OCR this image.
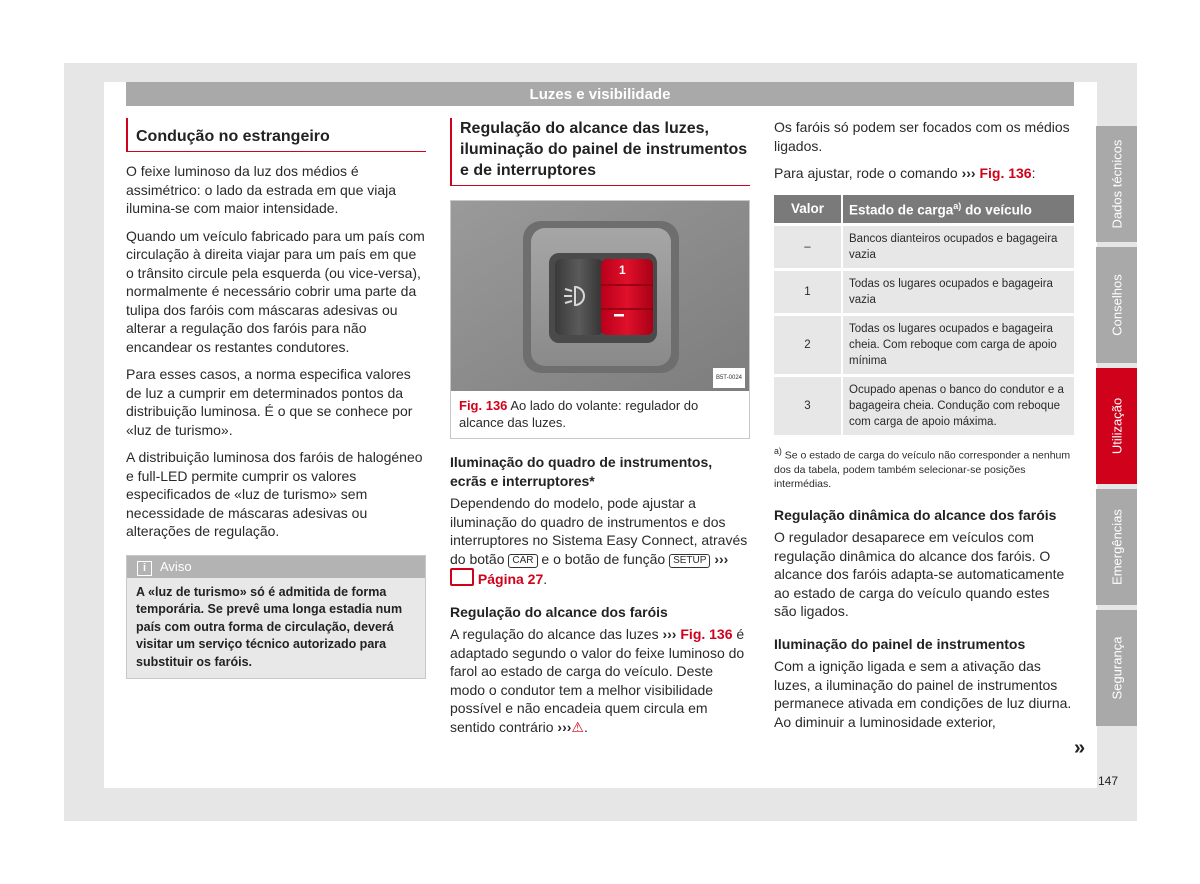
Luzes e visibilidade
Condução no estrangeiro

O feixe luminoso da luz dos médios é assimétrico: o lado da estrada em que viaja ilumina-se com maior intensidade.

Quando um veículo fabricado para um país com circulação à direita viajar para um país em que o trânsito circule pela esquerda (ou vice-versa), normalmente é necessário cobrir uma parte da tulipa dos faróis com máscaras adesivas ou alterar a regulação dos faróis para não encandear os restantes condutores.

Para esses casos, a norma especifica valores de luz a cumprir em determinados pontos da distribuição luminosa. É o que se conhece por «luz de turismo».

A distribuição luminosa dos faróis de halogéneo e full-LED permite cumprir os valores especificados de «luz de turismo» sem necessidade de máscaras adesivas ou alterações de regulação.

i Aviso
A «luz de turismo» só é admitida de forma temporária. Se prevê uma longa estadia num país com outra forma de circulação, deverá visitar um serviço técnico autorizado para substituir os faróis.
Regulação do alcance das luzes, iluminação do painel de instrumentos e de interruptores
1
B5T-0024
Fig. 136 Ao lado do volante: regulador do alcance das luzes.
Iluminação do quadro de instrumentos, ecrãs e interruptores*

Dependendo do modelo, pode ajustar a iluminação do quadro de instrumentos e dos interruptores no Sistema Easy Connect, através do botão CAR e o botão de função SETUP ›››  Página 27.

Regulação do alcance dos faróis

A regulação do alcance das luzes ››› Fig. 136 é adaptado segundo o valor do feixe luminoso do farol ao estado de carga do veículo. Deste modo o condutor tem a melhor visibilidade possível e não encadeia quem circula em sentido contrário ›››⚠.

Os faróis só podem ser focados com os médios ligados.

Para ajustar, rode o comando ››› Fig. 136:

Valor	Estado de carga$^{a)}$ do veículo
–	Bancos dianteiros ocupados e bagageira vazia
1	Todas os lugares ocupados e bagageira vazia
2	Todas os lugares ocupados e bagageira cheia. Com reboque com carga de apoio mínima
3	Ocupado apenas o banco do condutor e a bagageira cheia. Condução com reboque com carga de apoio máxima.
$^{a)}$ Se o estado de carga do veículo não corresponder a nenhum dos da tabela, podem também selecionar-se posições intermédias.
Regulação dinâmica do alcance dos faróis

O regulador desaparece em veículos com regulação dinâmica do alcance dos faróis. O alcance dos faróis adapta-se automaticamente ao estado de carga do veículo quando estes são ligados.

Iluminação do painel de instrumentos

Com a ignição ligada e sem a ativação das luzes, a iluminação do painel de instrumentos permanece ativada em condições de luz diurna. Ao diminuir a luminosidade exterior,

»
Dados técnicos
Conselhos
Utilização
Emergências
Segurança
147
